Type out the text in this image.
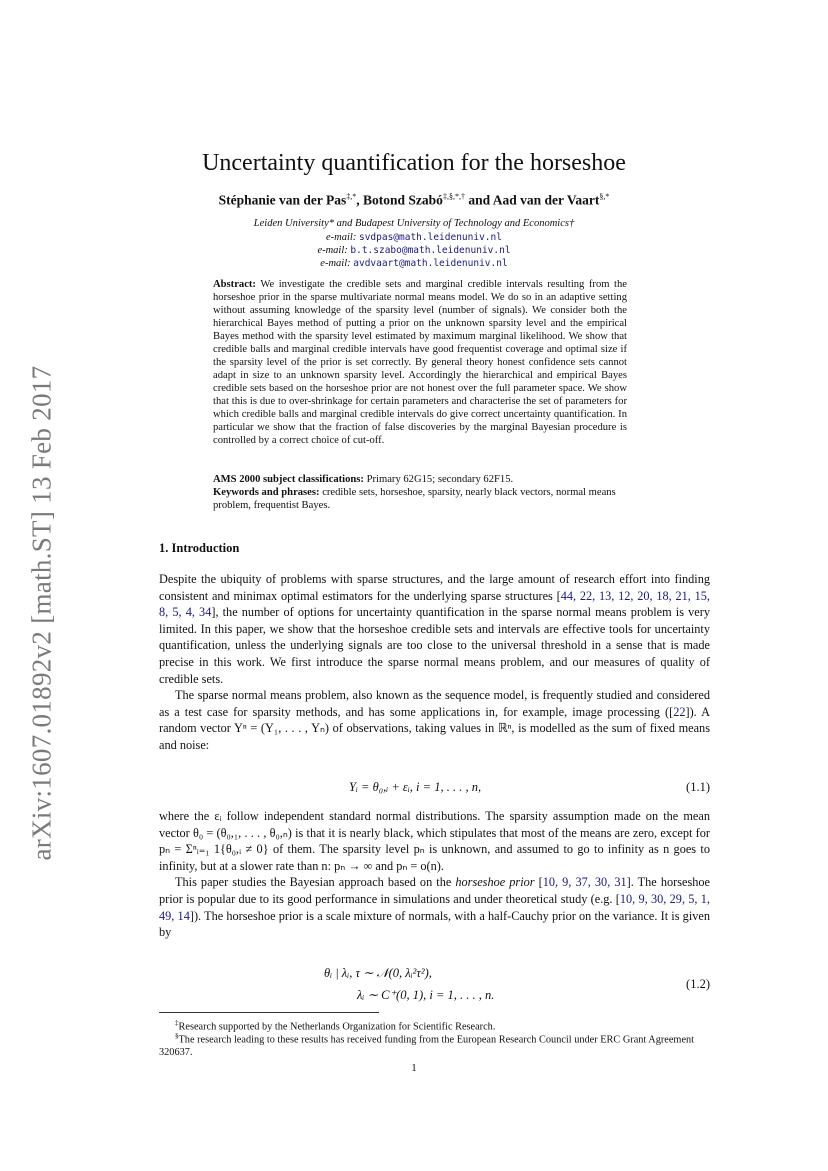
arXiv:1607.01892v2 [math.ST] 13 Feb 2017
Uncertainty quantification for the horseshoe
Stéphanie van der Pas‡,*, Botond Szabó‡,§,*,† and Aad van der Vaart§,*
Leiden University* and Budapest University of Technology and Economics†
e-mail: svdpas@math.leidenuniv.nl
e-mail: b.t.szabo@math.leidenuniv.nl
e-mail: avdvaart@math.leidenuniv.nl
Abstract: We investigate the credible sets and marginal credible intervals resulting from the horseshoe prior in the sparse multivariate normal means model. We do so in an adaptive setting without assuming knowledge of the sparsity level (number of signals). We consider both the hierarchical Bayes method of putting a prior on the unknown sparsity level and the empirical Bayes method with the sparsity level estimated by maximum marginal likelihood. We show that credible balls and marginal credible intervals have good frequentist coverage and optimal size if the sparsity level of the prior is set correctly. By general theory honest confidence sets cannot adapt in size to an unknown sparsity level. Accordingly the hierarchical and empirical Bayes credible sets based on the horseshoe prior are not honest over the full parameter space. We show that this is due to over-shrinkage for certain parameters and characterise the set of parameters for which credible balls and marginal credible intervals do give correct uncertainty quantification. In particular we show that the fraction of false discoveries by the marginal Bayesian procedure is controlled by a correct choice of cut-off.
AMS 2000 subject classifications: Primary 62G15; secondary 62F15.
Keywords and phrases: credible sets, horseshoe, sparsity, nearly black vectors, normal means problem, frequentist Bayes.
1. Introduction

Despite the ubiquity of problems with sparse structures, and the large amount of research effort into finding consistent and minimax optimal estimators for the underlying sparse structures [44, 22, 13, 12, 20, 18, 21, 15, 8, 5, 4, 34], the number of options for uncertainty quantification in the sparse normal means problem is very limited. In this paper, we show that the horseshoe credible sets and intervals are effective tools for uncertainty quantification, unless the underlying signals are too close to the universal threshold in a sense that is made precise in this work. We first introduce the sparse normal means problem, and our measures of quality of credible sets.

The sparse normal means problem, also known as the sequence model, is frequently studied and considered as a test case for sparsity methods, and has some applications in, for example, image processing ([22]). A random vector Yⁿ = (Y₁, . . . , Yₙ) of observations, taking values in ℝⁿ, is modelled as the sum of fixed means and noise:

Yᵢ = θ₀,ᵢ + εᵢ, i = 1, . . . , n,	(1.1)

where the εᵢ follow independent standard normal distributions. The sparsity assumption made on the mean vector θ₀ = (θ₀,₁, . . . , θ₀,ₙ) is that it is nearly black, which stipulates that most of the means are zero, except for pₙ = Σⁿᵢ₌₁ 1{θ₀,ᵢ ≠ 0} of them. The sparsity level pₙ is unknown, and assumed to go to infinity as n goes to infinity, but at a slower rate than n: pₙ → ∞ and pₙ = o(n).

This paper studies the Bayesian approach based on the horseshoe prior [10, 9, 37, 30, 31]. The horseshoe prior is popular due to its good performance in simulations and under theoretical study (e.g. [10, 9, 30, 29, 5, 1, 49, 14]). The horseshoe prior is a scale mixture of normals, with a half-Cauchy prior on the variance. It is given by

θᵢ | λᵢ, τ ∼ 𝒩(0, λᵢ²τ²),
λᵢ ∼ C⁺(0, 1), i = 1, . . . , n.
(1.2)
‡Research supported by the Netherlands Organization for Scientific Research.
§The research leading to these results has received funding from the European Research Council under ERC Grant Agreement 320637.
1
